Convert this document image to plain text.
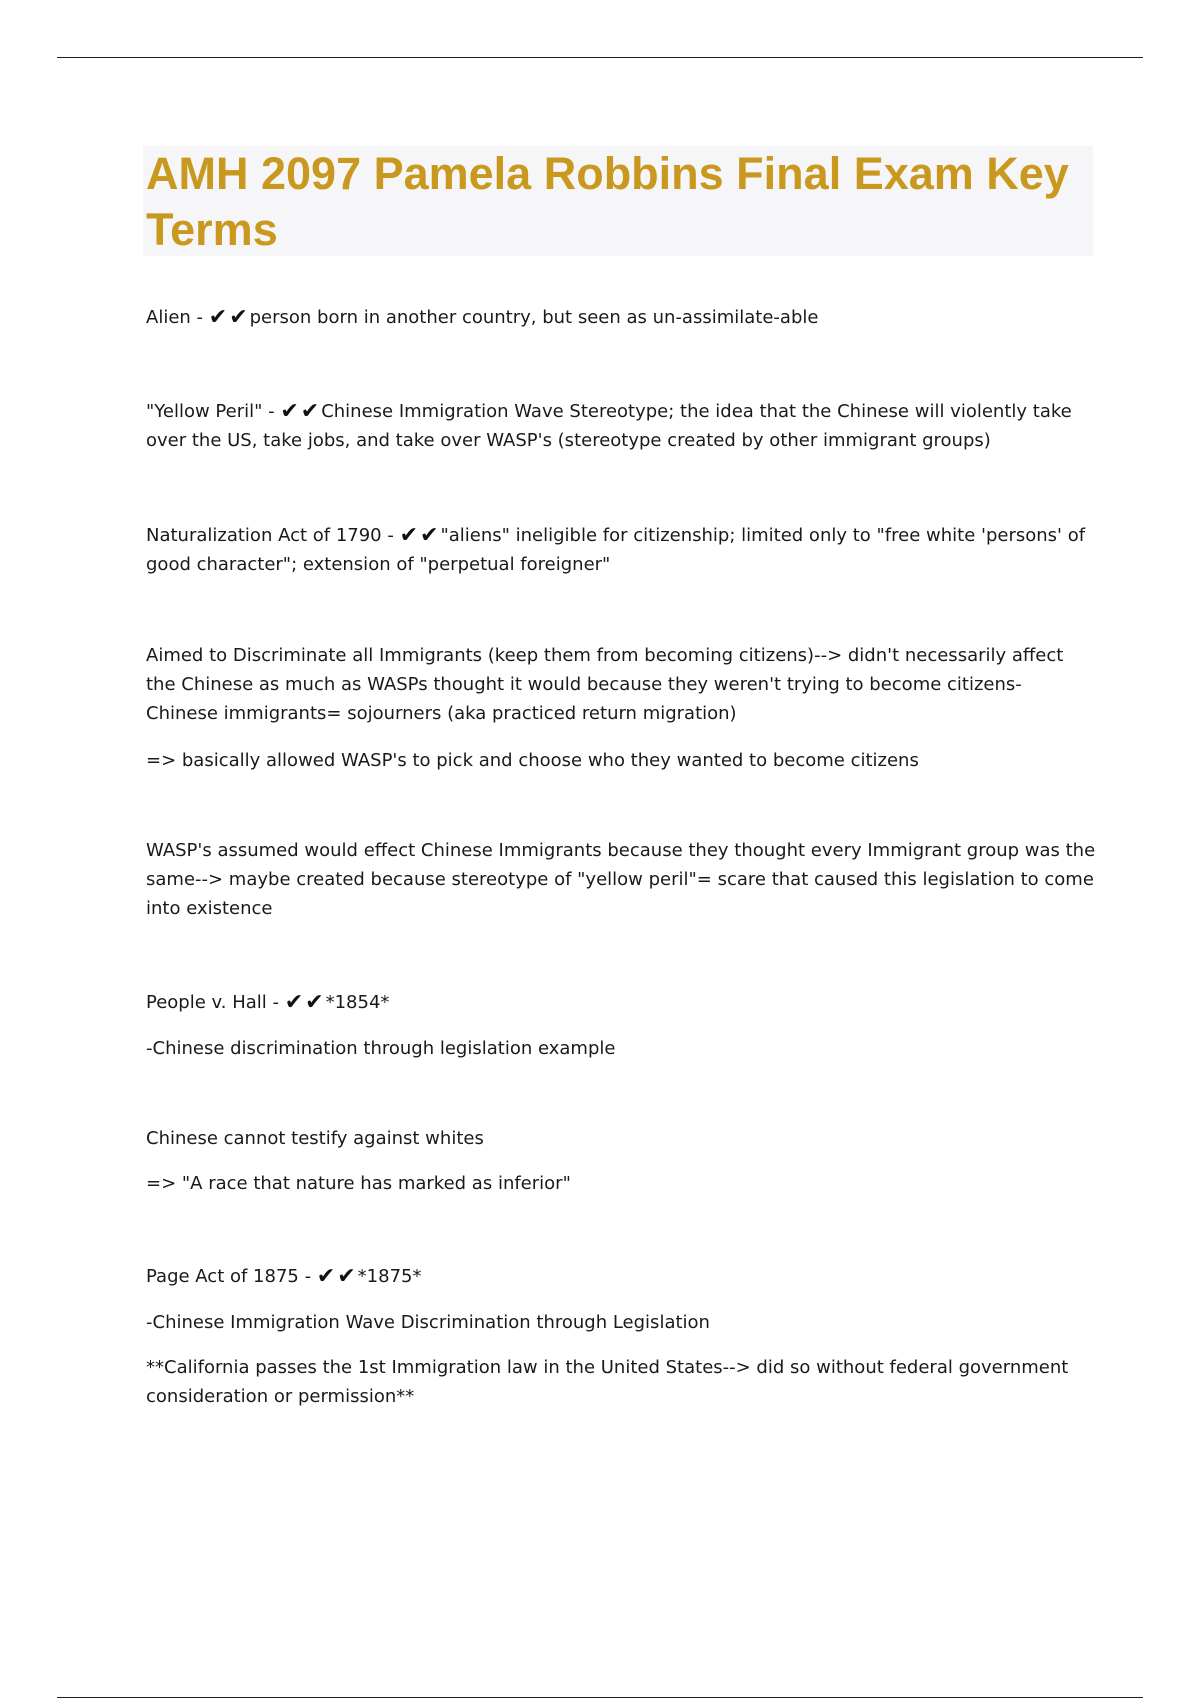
AMH 2097 Pamela Robbins Final Exam Key Terms

Alien - ✔✔person born in another country, but seen as un-assimilate-able

"Yellow Peril" - ✔✔Chinese Immigration Wave Stereotype; the idea that the Chinese will violently take over the US, take jobs, and take over WASP's (stereotype created by other immigrant groups)

Naturalization Act of 1790 - ✔✔"aliens" ineligible for citizenship; limited only to "free white 'persons' of good character"; extension of "perpetual foreigner"

Aimed to Discriminate all Immigrants (keep them from becoming citizens)--> didn't necessarily affect the Chinese as much as WASPs thought it would because they weren't trying to become citizens- Chinese immigrants= sojourners (aka practiced return migration)

=> basically allowed WASP's to pick and choose who they wanted to become citizens

WASP's assumed would effect Chinese Immigrants because they thought every Immigrant group was the same--> maybe created because stereotype of "yellow peril"= scare that caused this legislation to come into existence

People v. Hall - ✔✔*1854*

-Chinese discrimination through legislation example

Chinese cannot testify against whites

=> "A race that nature has marked as inferior"

Page Act of 1875 - ✔✔*1875*

-Chinese Immigration Wave Discrimination through Legislation

**California passes the 1st Immigration law in the United States--> did so without federal government consideration or permission**
